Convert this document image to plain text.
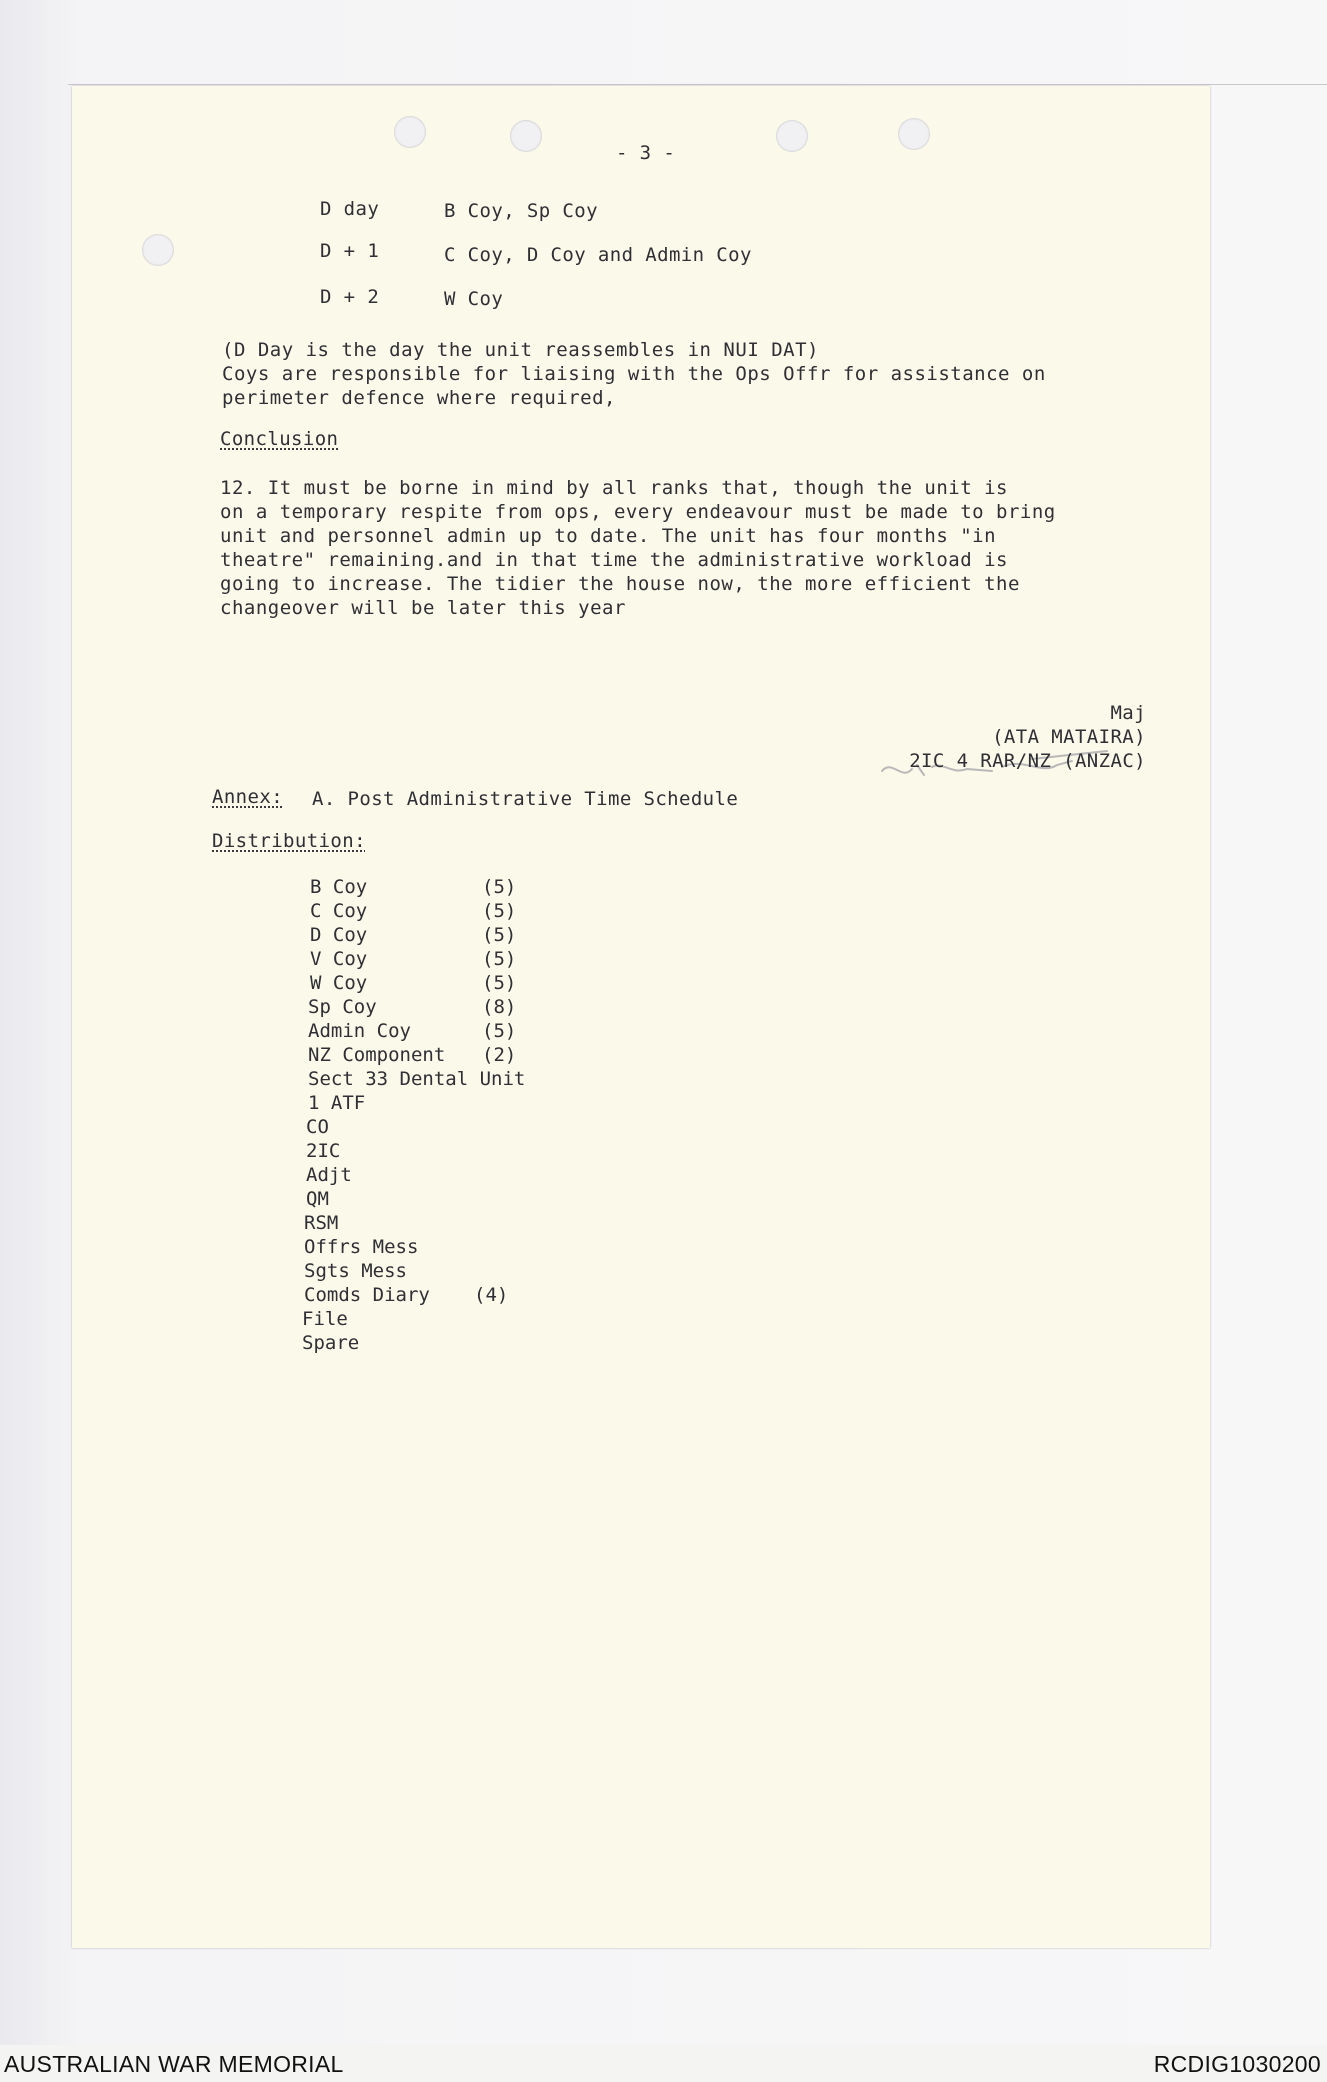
- 3 -
D day	B Coy, Sp Coy
D + 1	C Coy, D Coy and Admin Coy
D + 2	W Coy
(D Day is the day the unit reassembles in NUI DAT)
Coys are responsible for liaising with the Ops Offr for assistance on
perimeter defence where required,
Conclusion
12. It must be borne in mind by all ranks that, though the unit is
on a temporary respite from ops, every endeavour must be made to bring
unit and personnel admin up to date. The unit has four months "in
theatre" remaining.and in that time the administrative workload is
going to increase. The tidier the house now, the more efficient the
changeover will be later this year
Maj
(ATA MATAIRA)
2IC 4 RAR/NZ (ANZAC)
Annex: A. Post Administrative Time Schedule
Distribution:
B Coy	(5)
C Coy	(5)
D Coy	(5)
V Coy	(5)
W Coy	(5)
Sp Coy	(8)
Admin Coy	(5)
NZ Component (2)
Sect 33 Dental Unit
1 ATF
CO
2IC
Adjt
QM
RSM
Offrs Mess
Sgts Mess
Comds Diary (4)
File
Spare
AUSTRALIAN WAR MEMORIAL	RCDIG1030200
